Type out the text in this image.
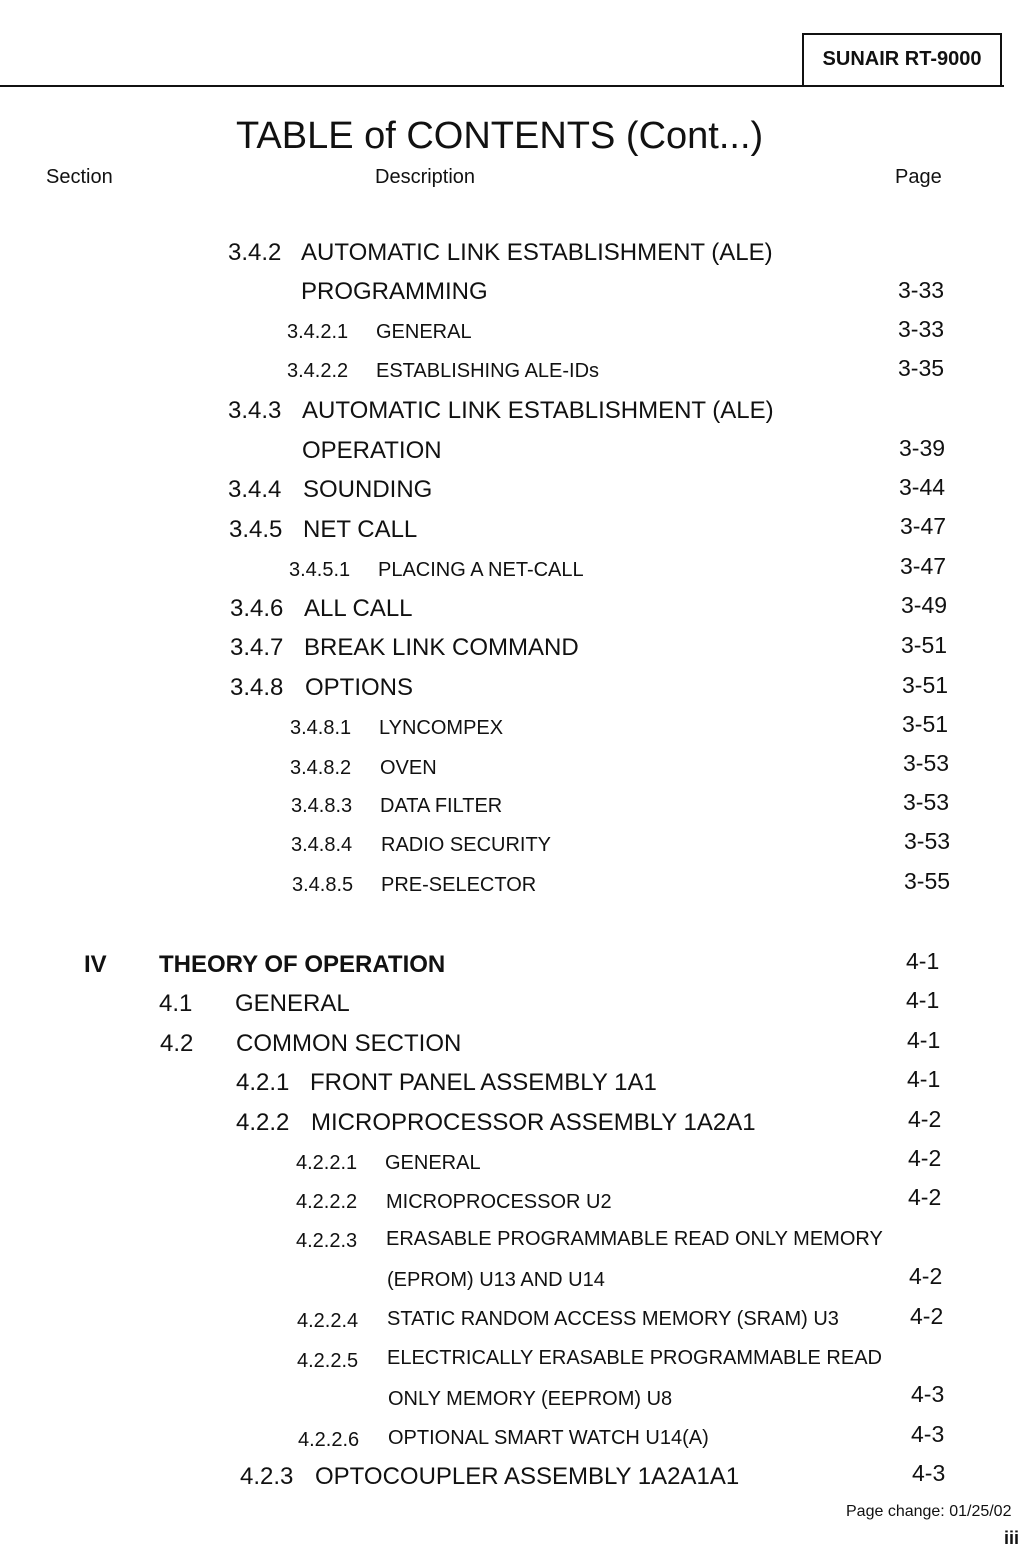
SUNAIR RT-9000
TABLE of CONTENTS (Cont...)
Section	Description	Page
3.4.2 AUTOMATIC LINK ESTABLISHMENT (ALE)
PROGRAMMING	3-33
3.4.2.1 GENERAL	3-33
3.4.2.2 ESTABLISHING ALE-IDs	3-35
3.4.3 AUTOMATIC LINK ESTABLISHMENT (ALE)
OPERATION	3-39
3.4.4 SOUNDING	3-44
3.4.5 NET CALL	3-47
3.4.5.1 PLACING A NET-CALL	3-47
3.4.6 ALL CALL	3-49
3.4.7 BREAK LINK COMMAND	3-51
3.4.8 OPTIONS	3-51
3.4.8.1 LYNCOMPEX	3-51
3.4.8.2 OVEN	3-53
3.4.8.3 DATA FILTER	3-53
3.4.8.4 RADIO SECURITY	3-53
3.4.8.5 PRE-SELECTOR	3-55
IV THEORY OF OPERATION	4-1
4.1 GENERAL	4-1
4.2 COMMON SECTION	4-1
4.2.1 FRONT PANEL ASSEMBLY 1A1	4-1
4.2.2 MICROPROCESSOR ASSEMBLY 1A2A1	4-2
4.2.2.1 GENERAL	4-2
4.2.2.2 MICROPROCESSOR U2	4-2
4.2.2.3 ERASABLE PROGRAMMABLE READ ONLY MEMORY
(EPROM) U13 AND U14	4-2
4.2.2.4 STATIC RANDOM ACCESS MEMORY (SRAM) U3	4-2
4.2.2.5 ELECTRICALLY ERASABLE PROGRAMMABLE READ
ONLY MEMORY (EEPROM) U8	4-3
4.2.2.6 OPTIONAL SMART WATCH U14(A)	4-3
4.2.3 OPTOCOUPLER ASSEMBLY 1A2A1A1	4-3
Page change: 01/25/02
iii
